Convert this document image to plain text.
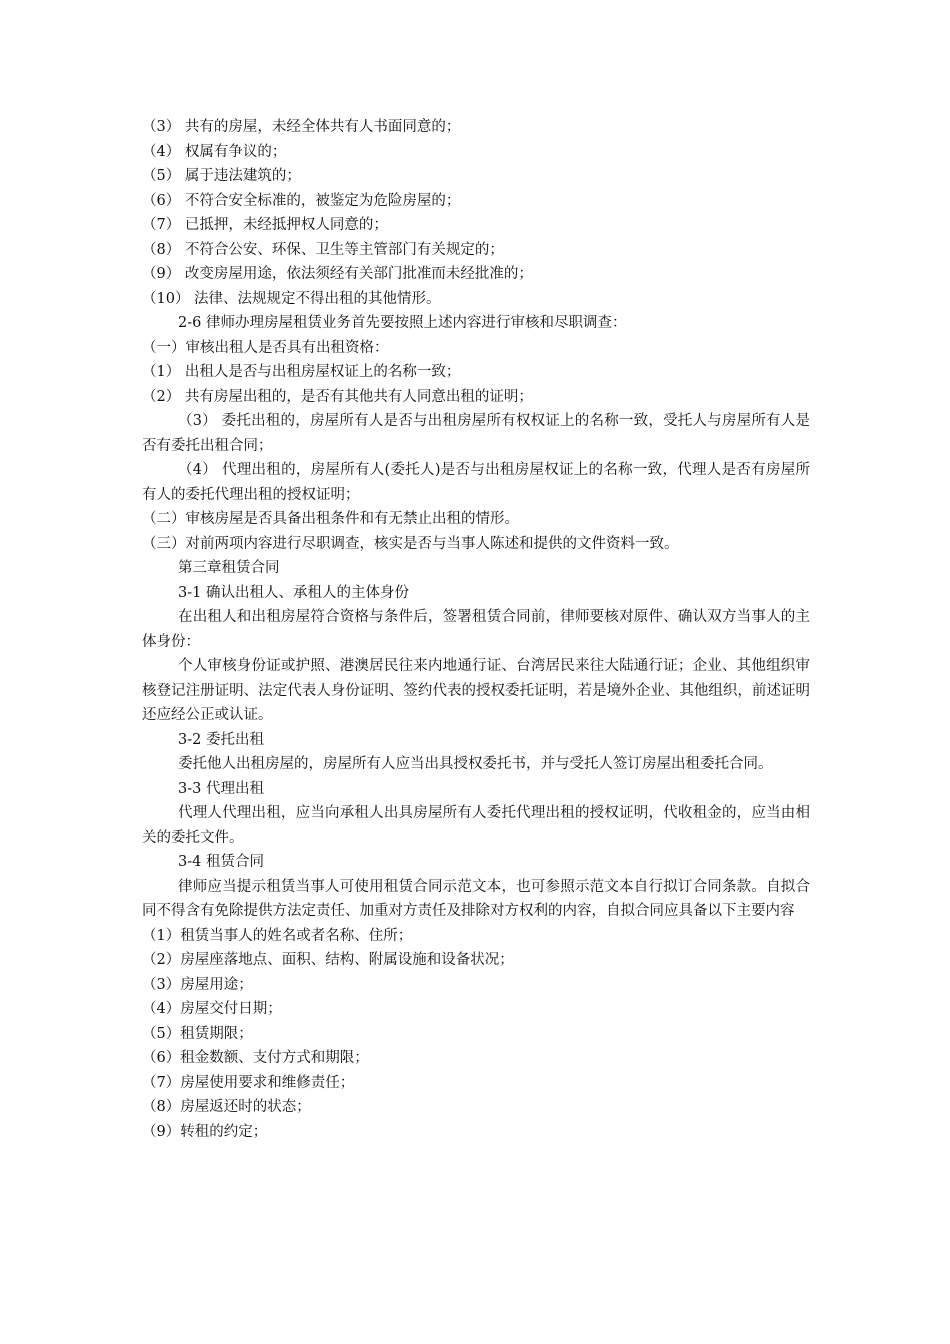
（3） 共有的房屋，未经全体共有人书面同意的；

（4） 权属有争议的；

（5） 属于违法建筑的；

（6） 不符合安全标准的，被鉴定为危险房屋的；

（7） 已抵押，未经抵押权人同意的；

（8） 不符合公安、环保、卫生等主管部门有关规定的；

（9） 改变房屋用途，依法须经有关部门批准而未经批准的；

（10） 法律、法规规定不得出租的其他情形。

2-6 律师办理房屋租赁业务首先要按照上述内容进行审核和尽职调查：

（一）审核出租人是否具有出租资格：

（1） 出租人是否与出租房屋权证上的名称一致；

（2） 共有房屋出租的，是否有其他共有人同意出租的证明；

（3） 委托出租的，房屋所有人是否与出租房屋所有权权证上的名称一致，受托人与房屋所有人是否有委托出租合同；

（4） 代理出租的，房屋所有人(委托人)是否与出租房屋权证上的名称一致，代理人是否有房屋所有人的委托代理出租的授权证明；

（二）审核房屋是否具备出租条件和有无禁止出租的情形。

（三）对前两项内容进行尽职调查，核实是否与当事人陈述和提供的文件资料一致。

第三章租赁合同

3-1 确认出租人、承租人的主体身份

在出租人和出租房屋符合资格与条件后，签署租赁合同前，律师要核对原件、确认双方当事人的主体身份：

个人审核身份证或护照、港澳居民往来内地通行证、台湾居民来往大陆通行证；企业、其他组织审核登记注册证明、法定代表人身份证明、签约代表的授权委托证明，若是境外企业、其他组织，前述证明还应经公正或认证。

3-2 委托出租

委托他人出租房屋的，房屋所有人应当出具授权委托书，并与受托人签订房屋出租委托合同。

3-3 代理出租

代理人代理出租，应当向承租人出具房屋所有人委托代理出租的授权证明，代收租金的，应当由相关的委托文件。

3-4 租赁合同

律师应当提示租赁当事人可使用租赁合同示范文本，也可参照示范文本自行拟订合同条款。自拟合同不得含有免除提供方法定责任、加重对方责任及排除对方权利的内容，自拟合同应具备以下主要内容

（1）租赁当事人的姓名或者名称、住所；

（2）房屋座落地点、面积、结构、附属设施和设备状况；

（3）房屋用途；

（4）房屋交付日期；

（5）租赁期限；

（6）租金数额、支付方式和期限；

（7）房屋使用要求和维修责任；

（8）房屋返还时的状态；

（9）转租的约定；
